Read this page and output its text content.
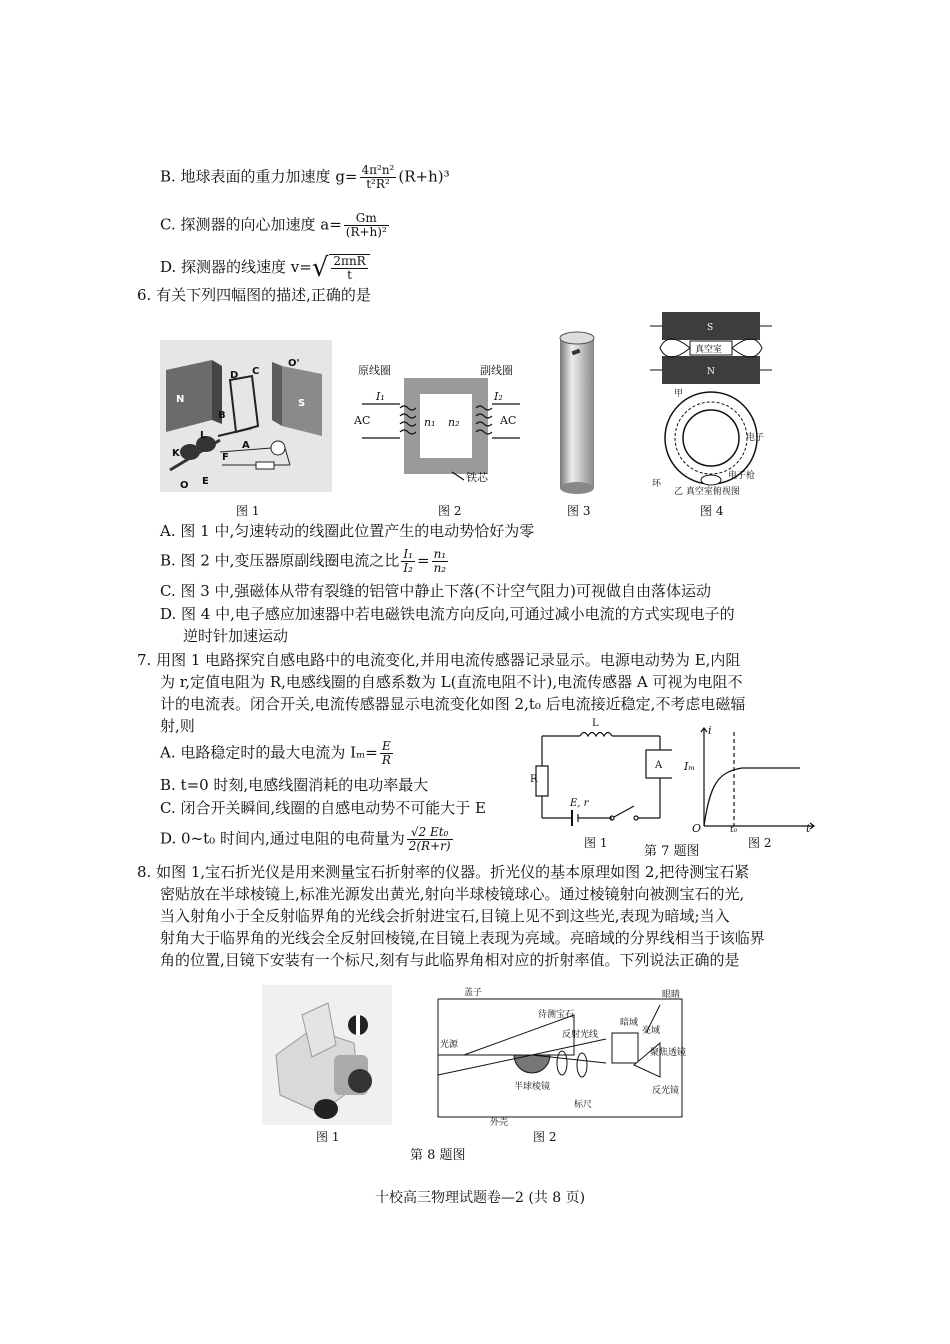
B. 地球表面的重力加速度 $g= \frac{\text{4π²n²}}{\text{t²R²}} (R+h)^3$
C. 探测器的向心加速度 $a= \frac{Gm}{\text{(R+h)²}}$
D. 探测器的线速度 $v=√ \frac{\text{2πnR}}{t}$
6. 有关下列四幅图的描述,正确的是
N	S
D C
O'
B
L
A
K	F
O E
原线圈	副线圈
AC	AC
I₁	I₂
n₁ n₂
铁芯
S
真空室
N
甲
电子
电子枪
环
乙 真空室俯视图
图 1	图 2	图 3	图 4
A. 图 1 中,匀速转动的线圈此位置产生的电动势恰好为零
B. 图 2 中,变压器原副线圈电流之比 $\frac{\text{I₁}}{\text{I₂}} = \frac{\text{n₁}}{\text{n₂}}$
C. 图 3 中,强磁体从带有裂缝的铝管中静止下落(不计空气阻力)可视做自由落体运动
D. 图 4 中,电子感应加速器中若电磁铁电流方向反向,可通过减小电流的方式实现电子的
逆时针加速运动
7. 用图 1 电路探究自感电路中的电流变化,并用电流传感器记录显示。电源电动势为 E,内阻
为 r,定值电阻为 R,电感线圈的自感系数为 L(直流电阻不计),电流传感器 A 可视为电阻不
计的电流表。闭合开关,电流传感器显示电流变化如图 2,t₀ 后电流接近稳定,不考虑电磁辐
射,则
A. 电路稳定时的最大电流为 $I_m= \frac{E}{R}$
B. t=0 时刻,电感线圈消耗的电功率最大
C. 闭合开关瞬间,线圈的自感电动势不可能大于 E
D. 0~t₀ 时间内,通过电阻的电荷量为 $\frac{\text{√2 Et₀}}{2(R+r)}$
L
R
A
E, r
图 1
第 7 题图
i
Iₘ
O	t₀	t
图 2
8. 如图 1,宝石折光仪是用来测量宝石折射率的仪器。折光仪的基本原理如图 2,把待测宝石紧
密贴放在半球棱镜上,标准光源发出黄光,射向半球棱镜球心。通过棱镜射向被测宝石的光,
当入射角小于全反射临界角的光线会折射进宝石,目镜上见不到这些光,表现为暗域;当入
射角大于临界角的光线会全反射回棱镜,在目镜上表现为亮域。亮暗域的分界线相当于该临界
角的位置,目镜下安装有一个标尺,刻有与此临界角相对应的折射率值。下列说法正确的是
图 1
盖子
待测宝石
反射光线
光源
半球棱镜
外壳
标尺
暗域
亮域
聚焦透镜
反光镜
眼睛
图 2
第 8 题图
十校高三物理试题卷—2 (共 8 页)
